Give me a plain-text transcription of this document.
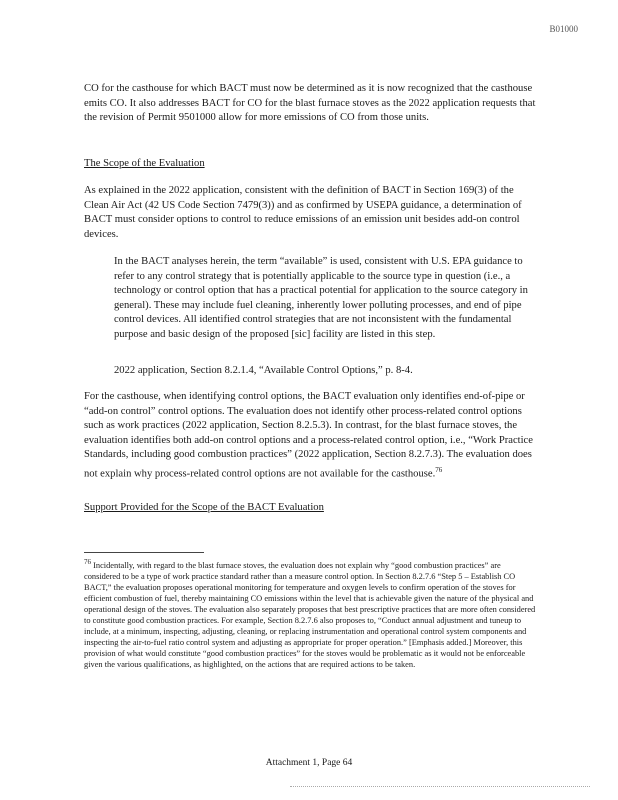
B01000

CO for the casthouse for which BACT must now be determined as it is now recognized that the casthouse emits CO. It also addresses BACT for CO for the blast furnace stoves as the 2022 application requests that the revision of Permit 9501000 allow for more emissions of CO from those units.

The Scope of the Evaluation

As explained in the 2022 application, consistent with the definition of BACT in Section 169(3) of the Clean Air Act (42 US Code Section 7479(3)) and as confirmed by USEPA guidance, a determination of BACT must consider options to control to reduce emissions of an emission unit besides add-on control devices.

In the BACT analyses herein, the term “available” is used, consistent with U.S. EPA guidance to refer to any control strategy that is potentially applicable to the source type in question (i.e., a technology or control option that has a practical potential for application to the source category in general). These may include fuel cleaning, inherently lower polluting processes, and end of pipe control devices. All identified control strategies that are not inconsistent with the fundamental purpose and basic design of the proposed [sic] facility are listed in this step.

2022 application, Section 8.2.1.4, “Available Control Options,” p. 8-4.

For the casthouse, when identifying control options, the BACT evaluation only identifies end-of-pipe or “add-on control” control options. The evaluation does not identify other process-related control options such as work practices (2022 application, Section 8.2.5.3). In contrast, for the blast furnace stoves, the evaluation identifies both add-on control options and a process-related control option, i.e., “Work Practice Standards, including good combustion practices” (2022 application, Section 8.2.7.3). The evaluation does not explain why process-related control options are not available for the casthouse.$^{76}$

Support Provided for the Scope of the BACT Evaluation

$^{76}$ Incidentally, with regard to the blast furnace stoves, the evaluation does not explain why “good combustion practices” are considered to be a type of work practice standard rather than a measure control option. In Section 8.2.7.6 “Step 5 – Establish CO BACT,” the evaluation proposes operational monitoring for temperature and oxygen levels to confirm operation of the stoves for efficient combustion of fuel, thereby maintaining CO emissions within the level that is achievable given the nature of the physical and operational design of the stoves. The evaluation also separately proposes that best prescriptive practices that are more often considered to constitute good combustion practices. For example, Section 8.2.7.6 also proposes to, “Conduct annual adjustment and tuneup to include, at a minimum, inspecting, adjusting, cleaning, or replacing instrumentation and operational control system components and inspecting the air-to-fuel ratio control system and adjusting as appropriate for proper operation.” [Emphasis added.] Moreover, this provision of what would constitute “good combustion practices” for the stoves would be problematic as it would not be enforceable given the various qualifications, as highlighted, on the actions that are required actions to be taken.

Attachment 1, Page 64
